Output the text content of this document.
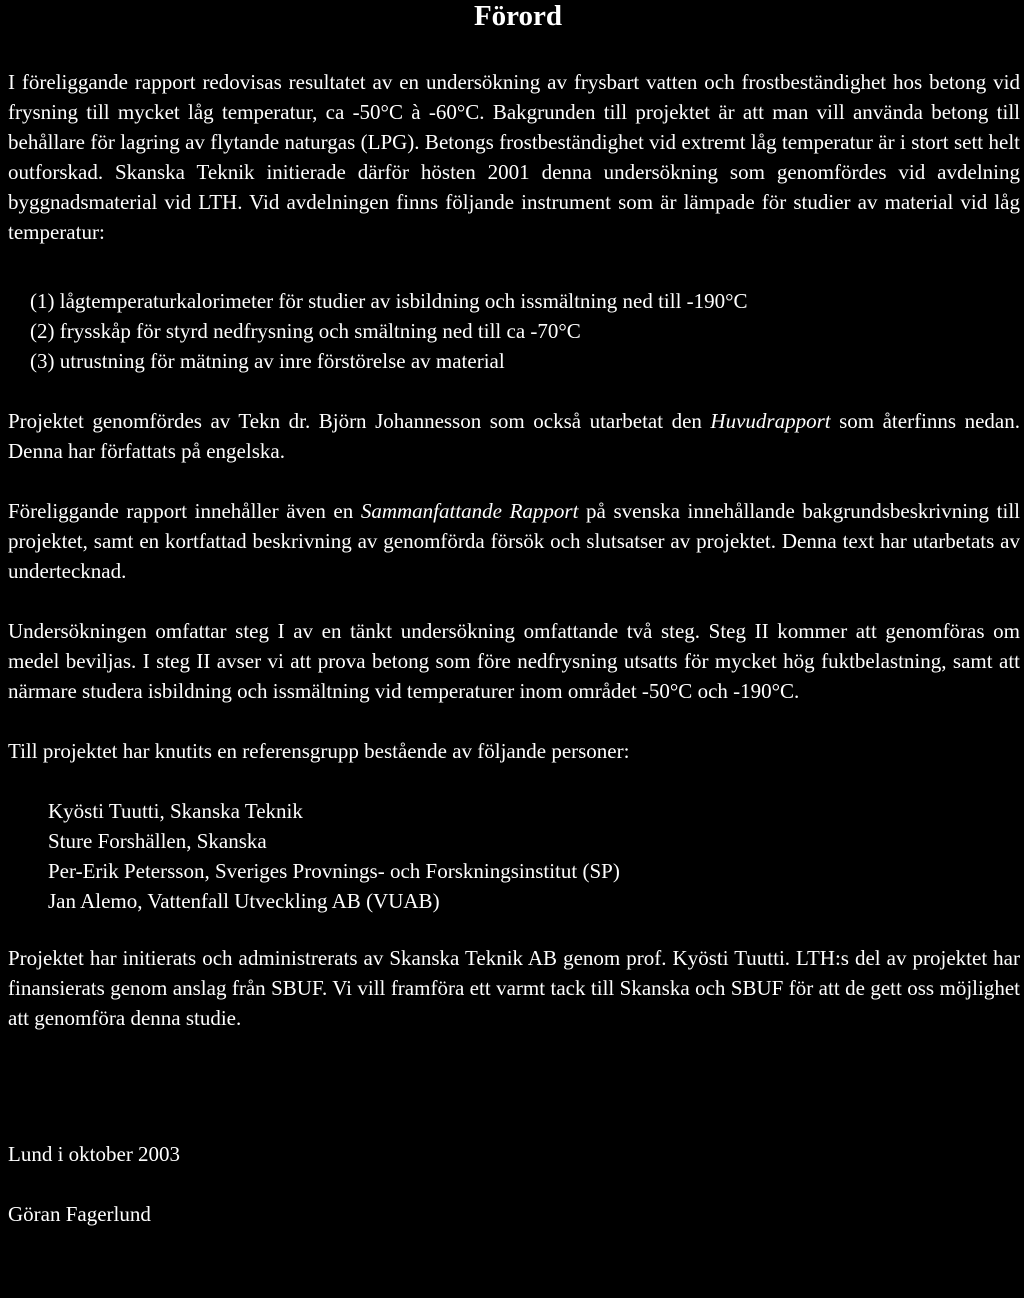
Förord

I föreliggande rapport redovisas resultatet av en undersökning av frysbart vatten och frostbeständighet hos betong vid frysning till mycket låg temperatur, ca -50°C à -60°C. Bakgrunden till projektet är att man vill använda betong till behållare för lagring av flytande naturgas (LPG). Betongs frostbeständighet vid extremt låg temperatur är i stort sett helt outforskad. Skanska Teknik initierade därför hösten 2001 denna undersökning som genomfördes vid avdelning byggnadsmaterial vid LTH. Vid avdelningen finns följande instrument som är lämpade för studier av material vid låg temperatur:

(1) lågtemperaturkalorimeter för studier av isbildning och issmältning ned till -190°C
(2) frysskåp för styrd nedfrysning och smältning ned till ca -70°C
(3) utrustning för mätning av inre förstörelse av material

Projektet genomfördes av Tekn dr. Björn Johannesson som också utarbetat den Huvudrapport som återfinns nedan. Denna har författats på engelska.

Föreliggande rapport innehåller även en Sammanfattande Rapport på svenska innehållande bakgrundsbeskrivning till projektet, samt en kortfattad beskrivning av genomförda försök och slutsatser av projektet. Denna text har utarbetats av undertecknad.

Undersökningen omfattar steg I av en tänkt undersökning omfattande två steg. Steg II kommer att genomföras om medel beviljas. I steg II avser vi att prova betong som före nedfrysning utsatts för mycket hög fuktbelastning, samt att närmare studera isbildning och issmältning vid temperaturer inom området -50°C och -190°C.

Till projektet har knutits en referensgrupp bestående av följande personer:

Kyösti Tuutti, Skanska Teknik
Sture Forshällen, Skanska
Per-Erik Petersson, Sveriges Provnings- och Forskningsinstitut (SP)
Jan Alemo, Vattenfall Utveckling AB (VUAB)

Projektet har initierats och administrerats av Skanska Teknik AB genom prof. Kyösti Tuutti. LTH:s del av projektet har finansierats genom anslag från SBUF. Vi vill framföra ett varmt tack till Skanska och SBUF för att de gett oss möjlighet att genomföra denna studie.

Lund i oktober 2003

Göran Fagerlund
